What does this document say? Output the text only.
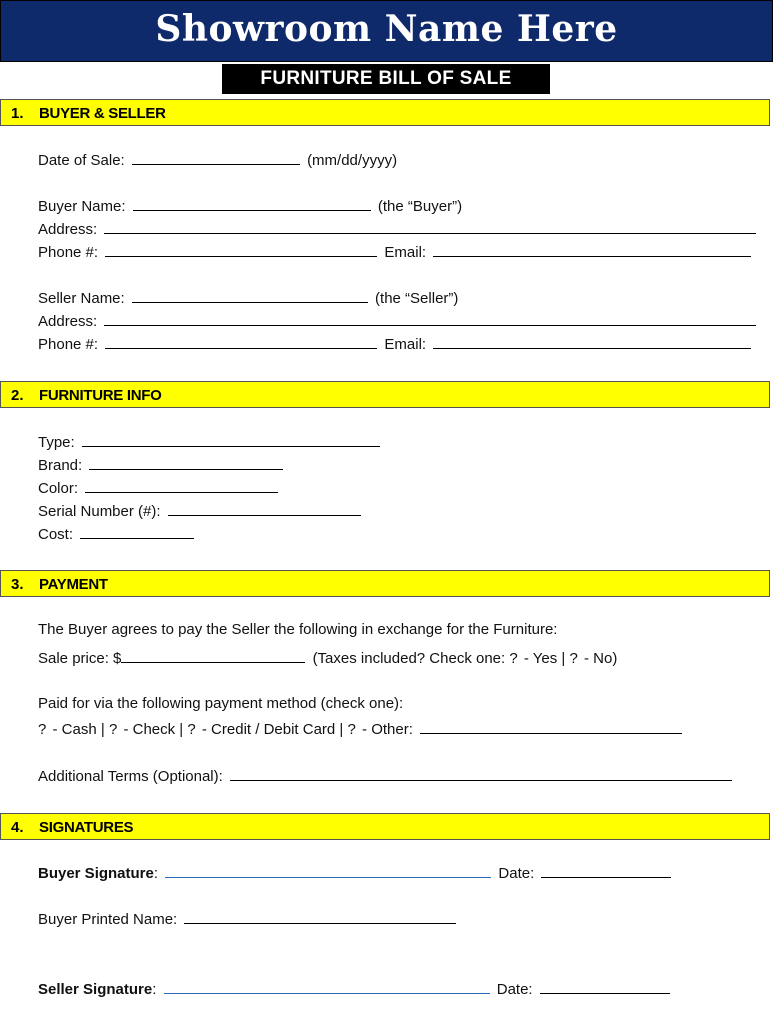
Showroom Name Here
FURNITURE BILL OF SALE
1. BUYER & SELLER
Date of Sale:	(mm/dd/yyyy)
Buyer Name:	(the “Buyer”)
Address:
Phone #:	Email:
Seller Name:	(the “Seller”)
Address:
Phone #:	Email:
2. FURNITURE INFO
Type:
Brand:
Color:
Serial Number (#):
Cost:
3. PAYMENT
The Buyer agrees to pay the Seller the following in exchange for the Furniture:
Sale price: $	(Taxes included? Check one: ? - Yes | ? - No)
Paid for via the following payment method (check one):
? - Cash | ? - Check | ? - Credit / Debit Card | ? - Other:
Additional Terms (Optional):
4. SIGNATURES
Buyer Signature:	Date:
Buyer Printed Name:
Seller Signature:	Date:
